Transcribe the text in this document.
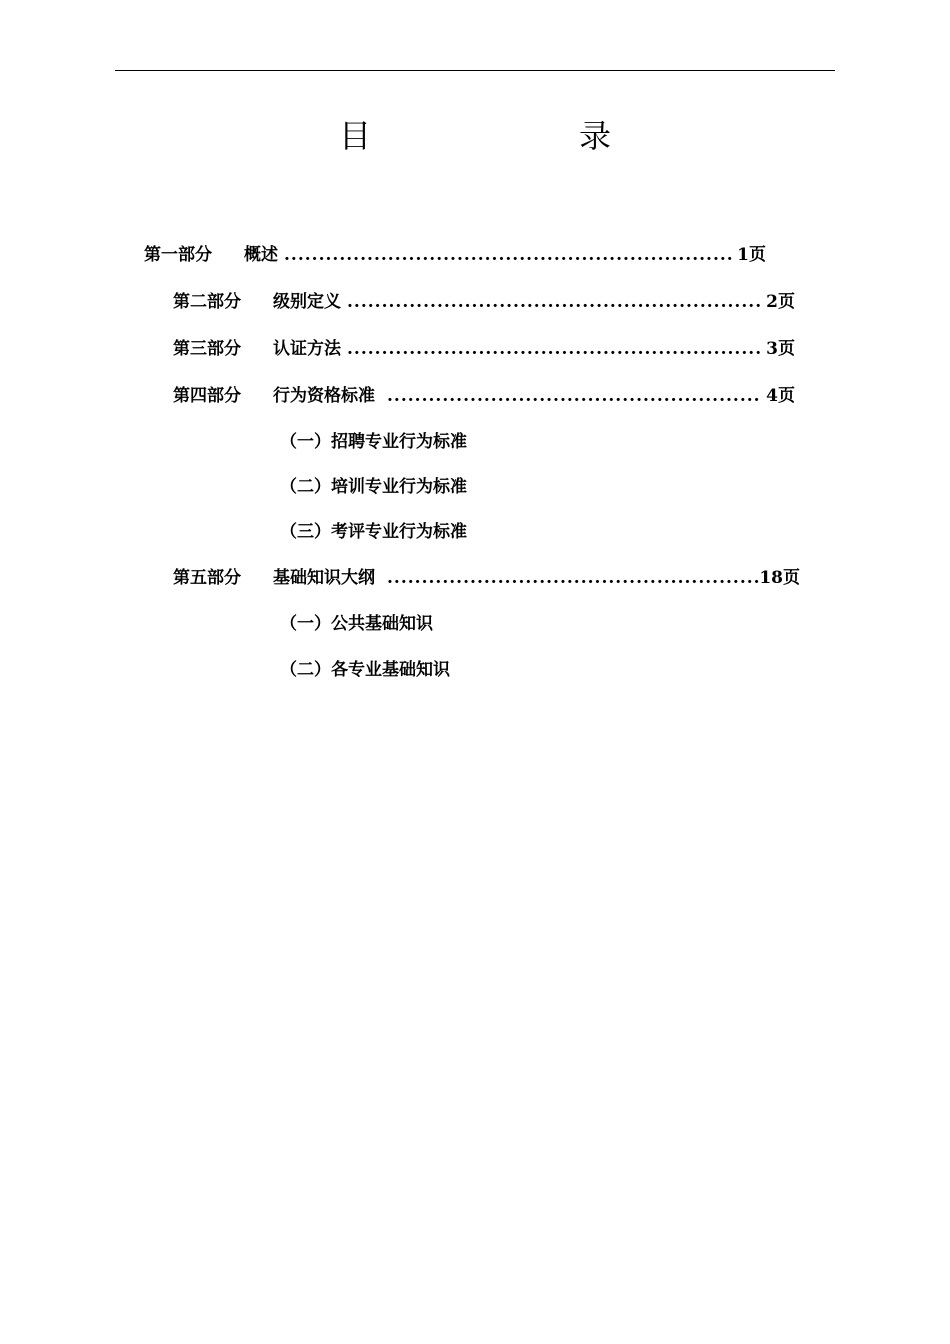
目　录
第一部分	概述 .....	1页
第二部分	级别定义 .....	2页
第三部分	认证方法 .....	3页
第四部分	行为资格标准 .....	4页
（一）招聘专业行为标准
（二）培训专业行为标准
（三）考评专业行为标准
第五部分	基础知识大纲 .....	18页
（一）公共基础知识
（二）各专业基础知识
